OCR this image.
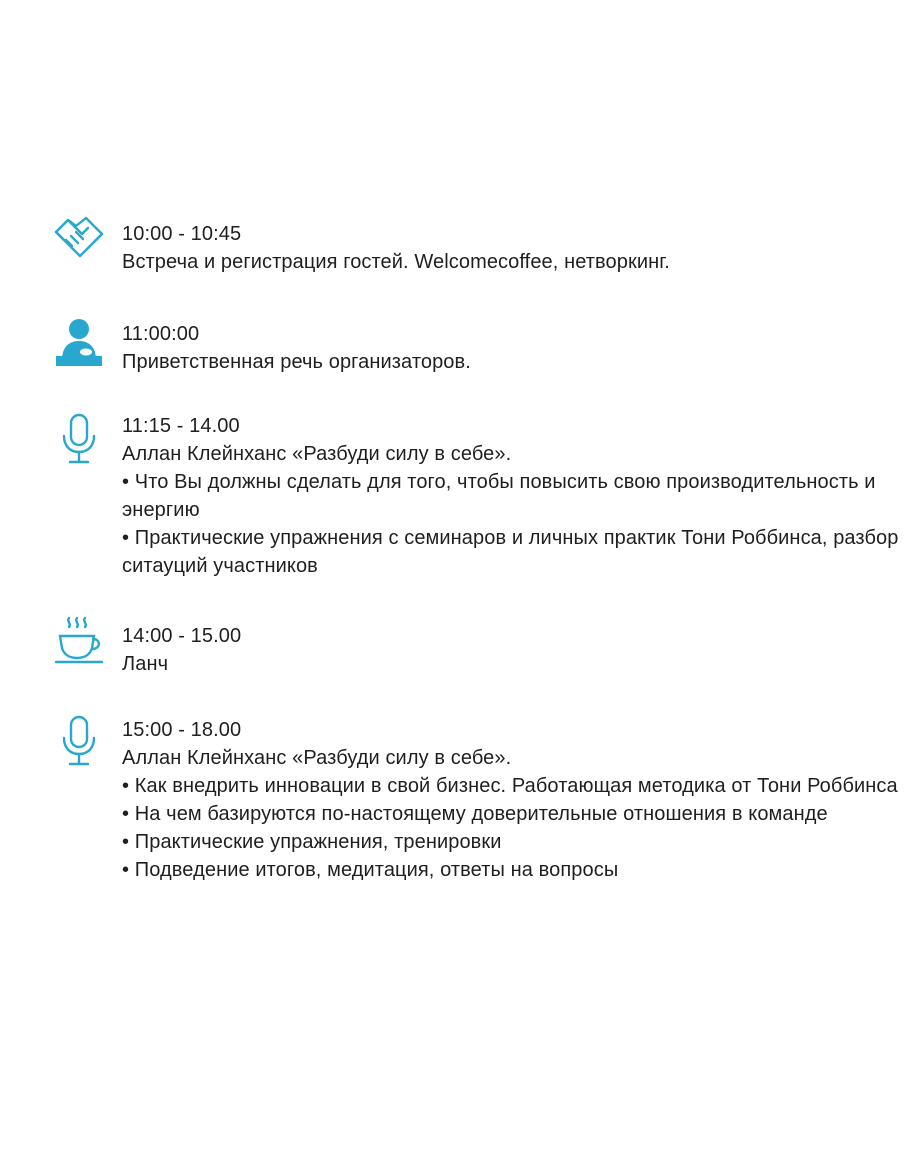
10:00 - 10:45
Встреча и регистрация гостей. Welcomecoffee, нетворкинг.
11:00:00
Приветственная речь организаторов.
11:15 - 14.00
Аллан Клейнханс «Разбуди силу в себе».
• Что Вы должны сделать для того, чтобы повысить свою производительность и энергию
• Практические упражнения с семинаров и личных практик Тони Роббинса, разбор ситауций участников
14:00 - 15.00
Ланч
15:00 - 18.00
Аллан Клейнханс «Разбуди силу в себе».
• Как внедрить инновации в свой бизнес. Работающая методика от Тони Роббинса
• На чем базируются по-настоящему доверительные отношения в команде
• Практические упражнения, тренировки
• Подведение итогов, медитация, ответы на вопросы
